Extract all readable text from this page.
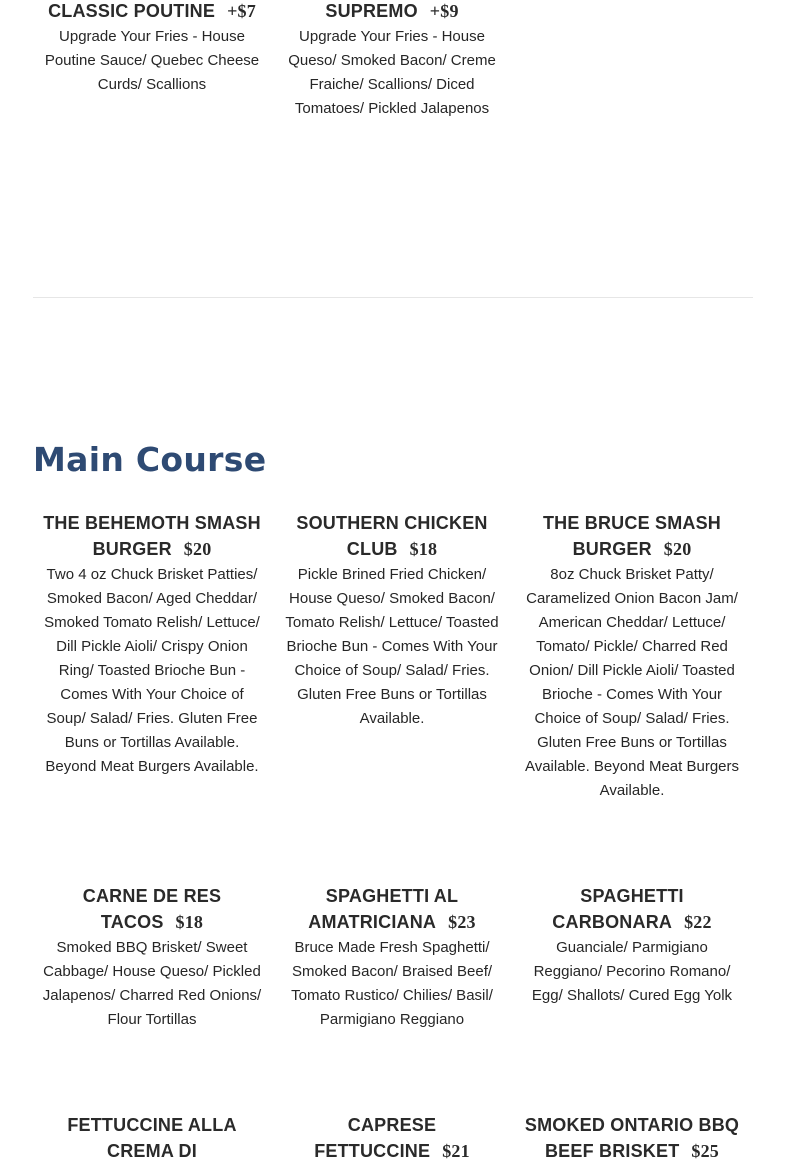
CLASSIC POUTINE +$7
Upgrade Your Fries - House Poutine Sauce/ Quebec Cheese Curds/ Scallions
SUPREMO +$9
Upgrade Your Fries - House Queso/ Smoked Bacon/ Creme Fraiche/ Scallions/ Diced Tomatoes/ Pickled Jalapenos
Main Course
THE BEHEMOTH SMASH BURGER $20
Two 4 oz Chuck Brisket Patties/ Smoked Bacon/ Aged Cheddar/ Smoked Tomato Relish/ Lettuce/ Dill Pickle Aioli/ Crispy Onion Ring/ Toasted Brioche Bun - Comes With Your Choice of Soup/ Salad/ Fries. Gluten Free Buns or Tortillas Available. Beyond Meat Burgers Available.
SOUTHERN CHICKEN CLUB $18
Pickle Brined Fried Chicken/ House Queso/ Smoked Bacon/ Tomato Relish/ Lettuce/ Toasted Brioche Bun - Comes With Your Choice of Soup/ Salad/ Fries. Gluten Free Buns or Tortillas Available.
THE BRUCE SMASH BURGER $20
8oz Chuck Brisket Patty/ Caramelized Onion Bacon Jam/ American Cheddar/ Lettuce/ Tomato/ Pickle/ Charred Red Onion/ Dill Pickle Aioli/ Toasted Brioche - Comes With Your Choice of Soup/ Salad/ Fries. Gluten Free Buns or Tortillas Available. Beyond Meat Burgers Available.
CARNE DE RES TACOS $18
Smoked BBQ Brisket/ Sweet Cabbage/ House Queso/ Pickled Jalapenos/ Charred Red Onions/ Flour Tortillas
SPAGHETTI AL AMATRICIANA $23
Bruce Made Fresh Spaghetti/ Smoked Bacon/ Braised Beef/ Tomato Rustico/ Chilies/ Basil/ Parmigiano Reggiano
SPAGHETTI CARBONARA $22
Guanciale/ Parmigiano Reggiano/ Pecorino Romano/ Egg/ Shallots/ Cured Egg Yolk
FETTUCCINE ALLA CREMA DI
CAPRESE FETTUCCINE $21
SMOKED ONTARIO BBQ BEEF BRISKET $25
